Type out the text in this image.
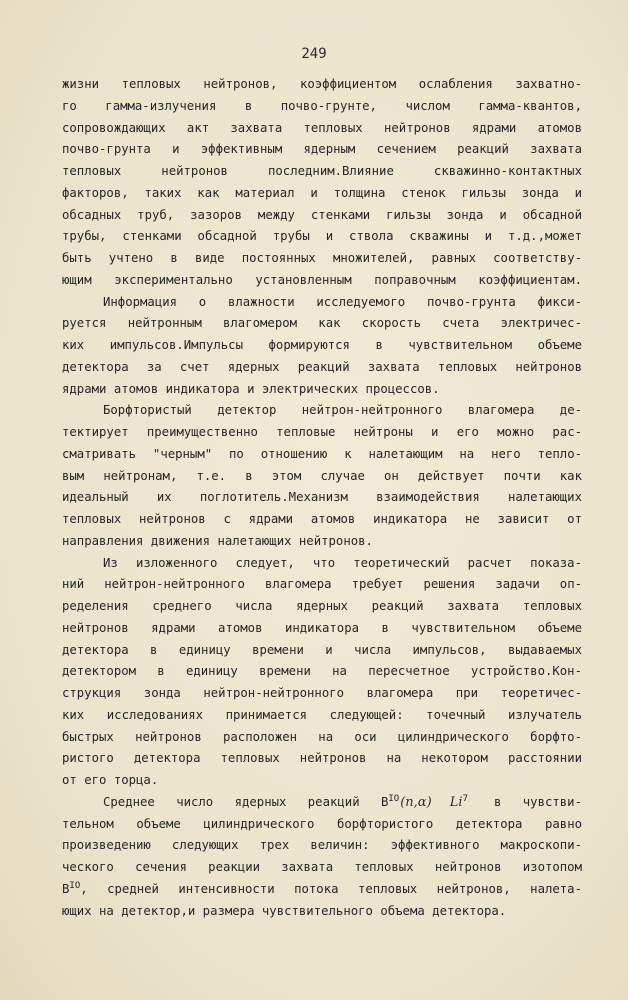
249
жизни тепловых нейтронов, коэффициентом ослабления захватно-
го гамма-излучения в почво-грунте, числом гамма-квантов,
сопровождающих акт захвата тепловых нейтронов ядрами атомов
почво-грунта и эффективным ядерным сечением реакций захвата
тепловых нейтронов последним.Влияние скважинно-контактных
факторов, таких как материал и толщина стенок гильзы зонда и
обсадных труб, зазоров между стенками гильзы зонда и обсадной
трубы, стенками обсадной трубы и ствола скважины и т.д.,может
быть учтено в виде постоянных множителей, равных соответству-
ющим экспериментально установленным поправочным коэффициентам.
Информация о влажности исследуемого почво-грунта фикси-
руется нейтронным влагомером как скорость счета электричес-
ких импульсов.Импульсы формируются в чувствительном объеме
детектора за счет ядерных реакций захвата тепловых нейтронов
ядрами атомов индикатора и электрических процессов.
Борфтористый детектор нейтрон-нейтронного влагомера де-
тектирует преимущественно тепловые нейтроны и его можно рас-
сматривать "черным" по отношению к налетающим на него тепло-
вым нейтронам, т.е. в этом случае он действует почти как
идеальный их поглотитель.Механизм взаимодействия налетающих
тепловых нейтронов с ядрами атомов индикатора не зависит от
направления движения налетающих нейтронов.
Из изложенного следует, что теоретический расчет показа-
ний нейтрон-нейтронного влагомера требует решения задачи оп-
ределения среднего числа ядерных реакций захвата тепловых
нейтронов ядрами атомов индикатора в чувствительном объеме
детектора в единицу времени и числа импульсов, выдаваемых
детектором в единицу времени на пересчетное устройство.Кон-
струкция зонда нейтрон-нейтронного влагомера при теоретичес-
ких исследованиях принимается следующей: точечный излучатель
быстрых нейтронов расположен на оси цилиндрического борфто-
ристого детектора тепловых нейтронов на некотором расстоянии
от его торца.
Среднее число ядерных реакций $В^{IO}(n,\alpha)$ Li$^7$ в чувстви-
тельном объеме цилиндрического борфтористого детектора равно
произведению следующих трех величин: эффективного макроскопи-
ческого сечения реакции захвата тепловых нейтронов изотопом
$В^{IO}$, средней интенсивности потока тепловых нейтронов, налета-
ющих на детектор,и размера чувствительного объема детектора.
